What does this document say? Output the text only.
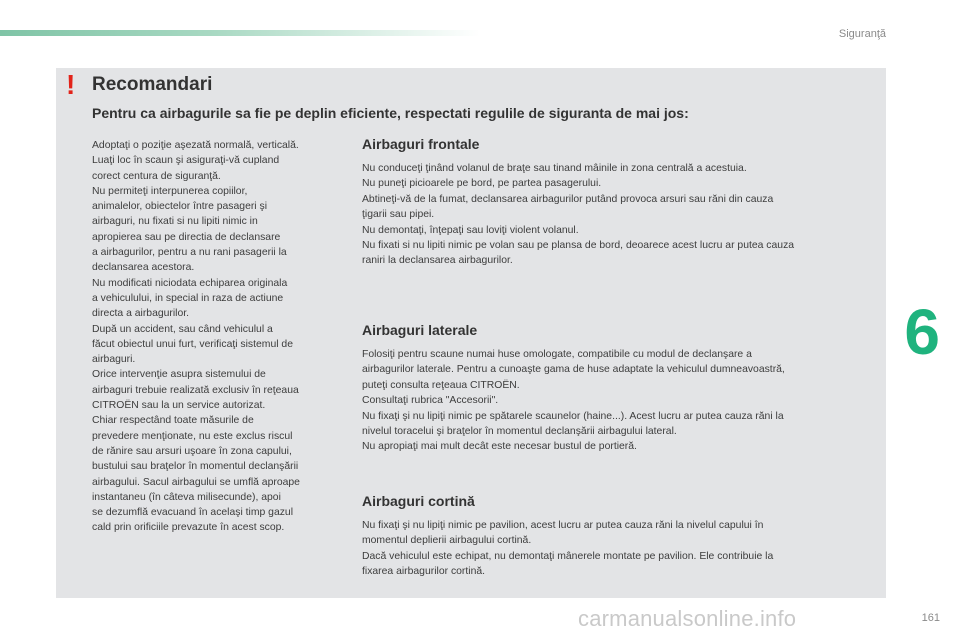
Siguranţă
6
! Recomandari
Pentru ca airbagurile sa fie pe deplin eficiente, respectati regulile de siguranta de mai jos:

Adoptaţi o poziţie aşezată normală, verticală.

Luaţi loc în scaun şi asiguraţi-vă cupland

corect centura de siguranţă.

Nu permiteţi interpunerea copiilor,

animalelor, obiectelor între pasageri şi

airbaguri, nu fixati si nu lipiti nimic in

apropierea sau pe directia de declansare

a airbagurilor, pentru a nu rani pasagerii la

declansarea acestora.

Nu modificati niciodata echiparea originala

a vehiculului, in special in raza de actiune

directa a airbagurilor.

După un accident, sau când vehiculul a

făcut obiectul unui furt, verificaţi sistemul de

airbaguri.

Orice intervenţie asupra sistemului de

airbaguri trebuie realizată exclusiv în reţeaua

CITROËN sau la un service autorizat.

Chiar respectând toate măsurile de

prevedere menţionate, nu este exclus riscul

de rănire sau arsuri uşoare în zona capului,

bustului sau braţelor în momentul declanşării

airbagului. Sacul airbagului se umflă aproape

instantaneu (în câteva milisecunde), apoi

se dezumflă evacuand în acelaşi timp gazul

cald prin orificiile prevazute în acest scop.

Airbaguri frontale

Nu conduceţi ţinând volanul de braţe sau tinand mâinile in zona centrală a acestuia.

Nu puneţi picioarele pe bord, pe partea pasagerului.

Abtineţi-vă de la fumat, declansarea airbagurilor putând provoca arsuri sau răni din cauza

ţigarii sau pipei.

Nu demontaţi, înţepaţi sau loviţi violent volanul.

Nu fixati si nu lipiti nimic pe volan sau pe plansa de bord, deoarece acest lucru ar putea cauza

raniri la declansarea airbagurilor.

Airbaguri laterale

Folosiţi pentru scaune numai huse omologate, compatibile cu modul de declanşare a

airbagurilor laterale. Pentru a cunoaşte gama de huse adaptate la vehiculul dumneavoastră,

puteţi consulta reţeaua CITROËN.

Consultaţi rubrica "Accesorii".

Nu fixaţi şi nu lipiţi nimic pe spătarele scaunelor (haine...). Acest lucru ar putea cauza răni la

nivelul toracelui şi braţelor în momentul declanşării airbagului lateral.

Nu apropiaţi mai mult decât este necesar bustul de portieră.

Airbaguri cortină

Nu fixaţi şi nu lipiţi nimic pe pavilion, acest lucru ar putea cauza răni la nivelul capului în

momentul deplierii airbagului cortină.

Dacă vehiculul este echipat, nu demontaţi mânerele montate pe pavilion. Ele contribuie la

fixarea airbagurilor cortină.

carmanualsonline.info	161
